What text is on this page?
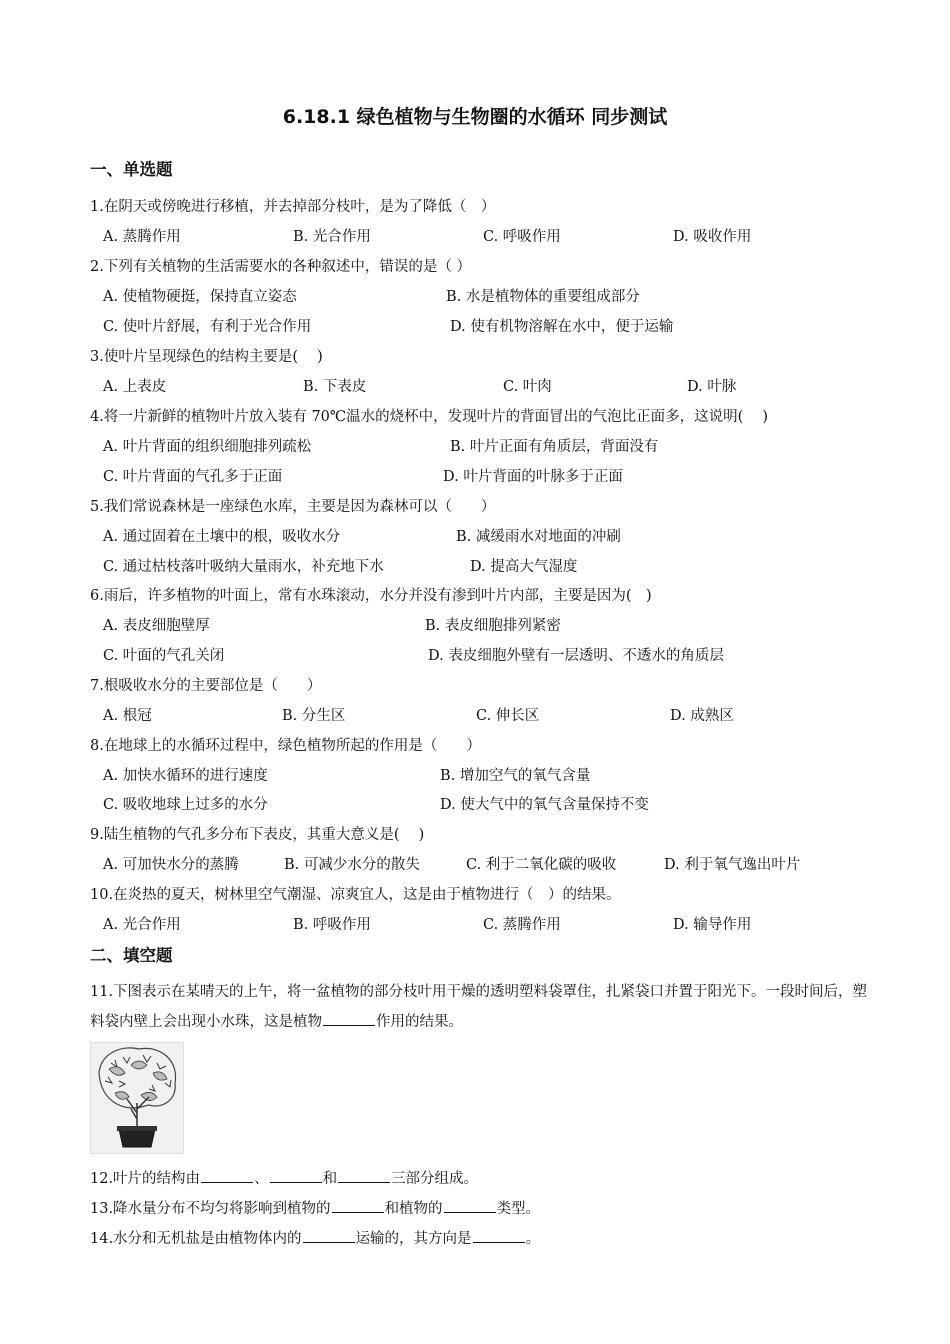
6.18.1 绿色植物与生物圈的水循环 同步测试
一、单选题
1.在阴天或傍晚进行移植，并去掉部分枝叶，是为了降低（　）
A. 蒸腾作用	B. 光合作用	C. 呼吸作用	D. 吸收作用
2.下列有关植物的生活需要水的各种叙述中，错误的是（ ）
A. 使植物硬挺，保持直立姿态	B. 水是植物体的重要组成部分
C. 使叶片舒展，有利于光合作用	D. 使有机物溶解在水中，便于运输
3.使叶片呈现绿色的结构主要是(　 )
A. 上表皮	B. 下表皮	C. 叶肉	D. 叶脉
4.将一片新鲜的植物叶片放入装有 70℃温水的烧杯中，发现叶片的背面冒出的气泡比正面多，这说明(　 )
A. 叶片背面的组织细胞排列疏松	B. 叶片正面有角质层，背面没有
C. 叶片背面的气孔多于正面	D. 叶片背面的叶脉多于正面
5.我们常说森林是一座绿色水库，主要是因为森林可以（　　）
A. 通过固着在土壤中的根，吸收水分	B. 减缓雨水对地面的冲刷
C. 通过枯枝落叶吸纳大量雨水，补充地下水	D. 提高大气湿度
6.雨后，许多植物的叶面上，常有水珠滚动，水分并没有渗到叶片内部，主要是因为(　)
A. 表皮细胞壁厚	B. 表皮细胞排列紧密
C. 叶面的气孔关闭	D. 表皮细胞外壁有一层透明、不透水的角质层
7.根吸收水分的主要部位是（　　）
A. 根冠	B. 分生区	C. 伸长区	D. 成熟区
8.在地球上的水循环过程中，绿色植物所起的作用是（　　）
A. 加快水循环的进行速度	B. 增加空气的氧气含量
C. 吸收地球上过多的水分	D. 使大气中的氧气含量保持不变
9.陆生植物的气孔多分布下表皮，其重大意义是(　 )
A. 可加快水分的蒸腾	B. 可减少水分的散失	C. 利于二氧化碳的吸收	D. 利于氧气逸出叶片
10.在炎热的夏天，树林里空气潮湿、凉爽宜人，这是由于植物进行（　）的结果。
A. 光合作用	B. 呼吸作用	C. 蒸腾作用	D. 输导作用
二、填空题
11.下图表示在某晴天的上午，将一盆植物的部分枝叶用干燥的透明塑料袋罩住，扎紧袋口并置于阳光下。一段时间后，塑料袋内壁上会出现小水珠，这是植物	作用的结果。
12.叶片的结构由	、	和	三部分组成。
13.降水量分布不均匀将影响到植物的	和植物的	类型。
14.水分和无机盐是由植物体内的	运输的，其方向是	。
